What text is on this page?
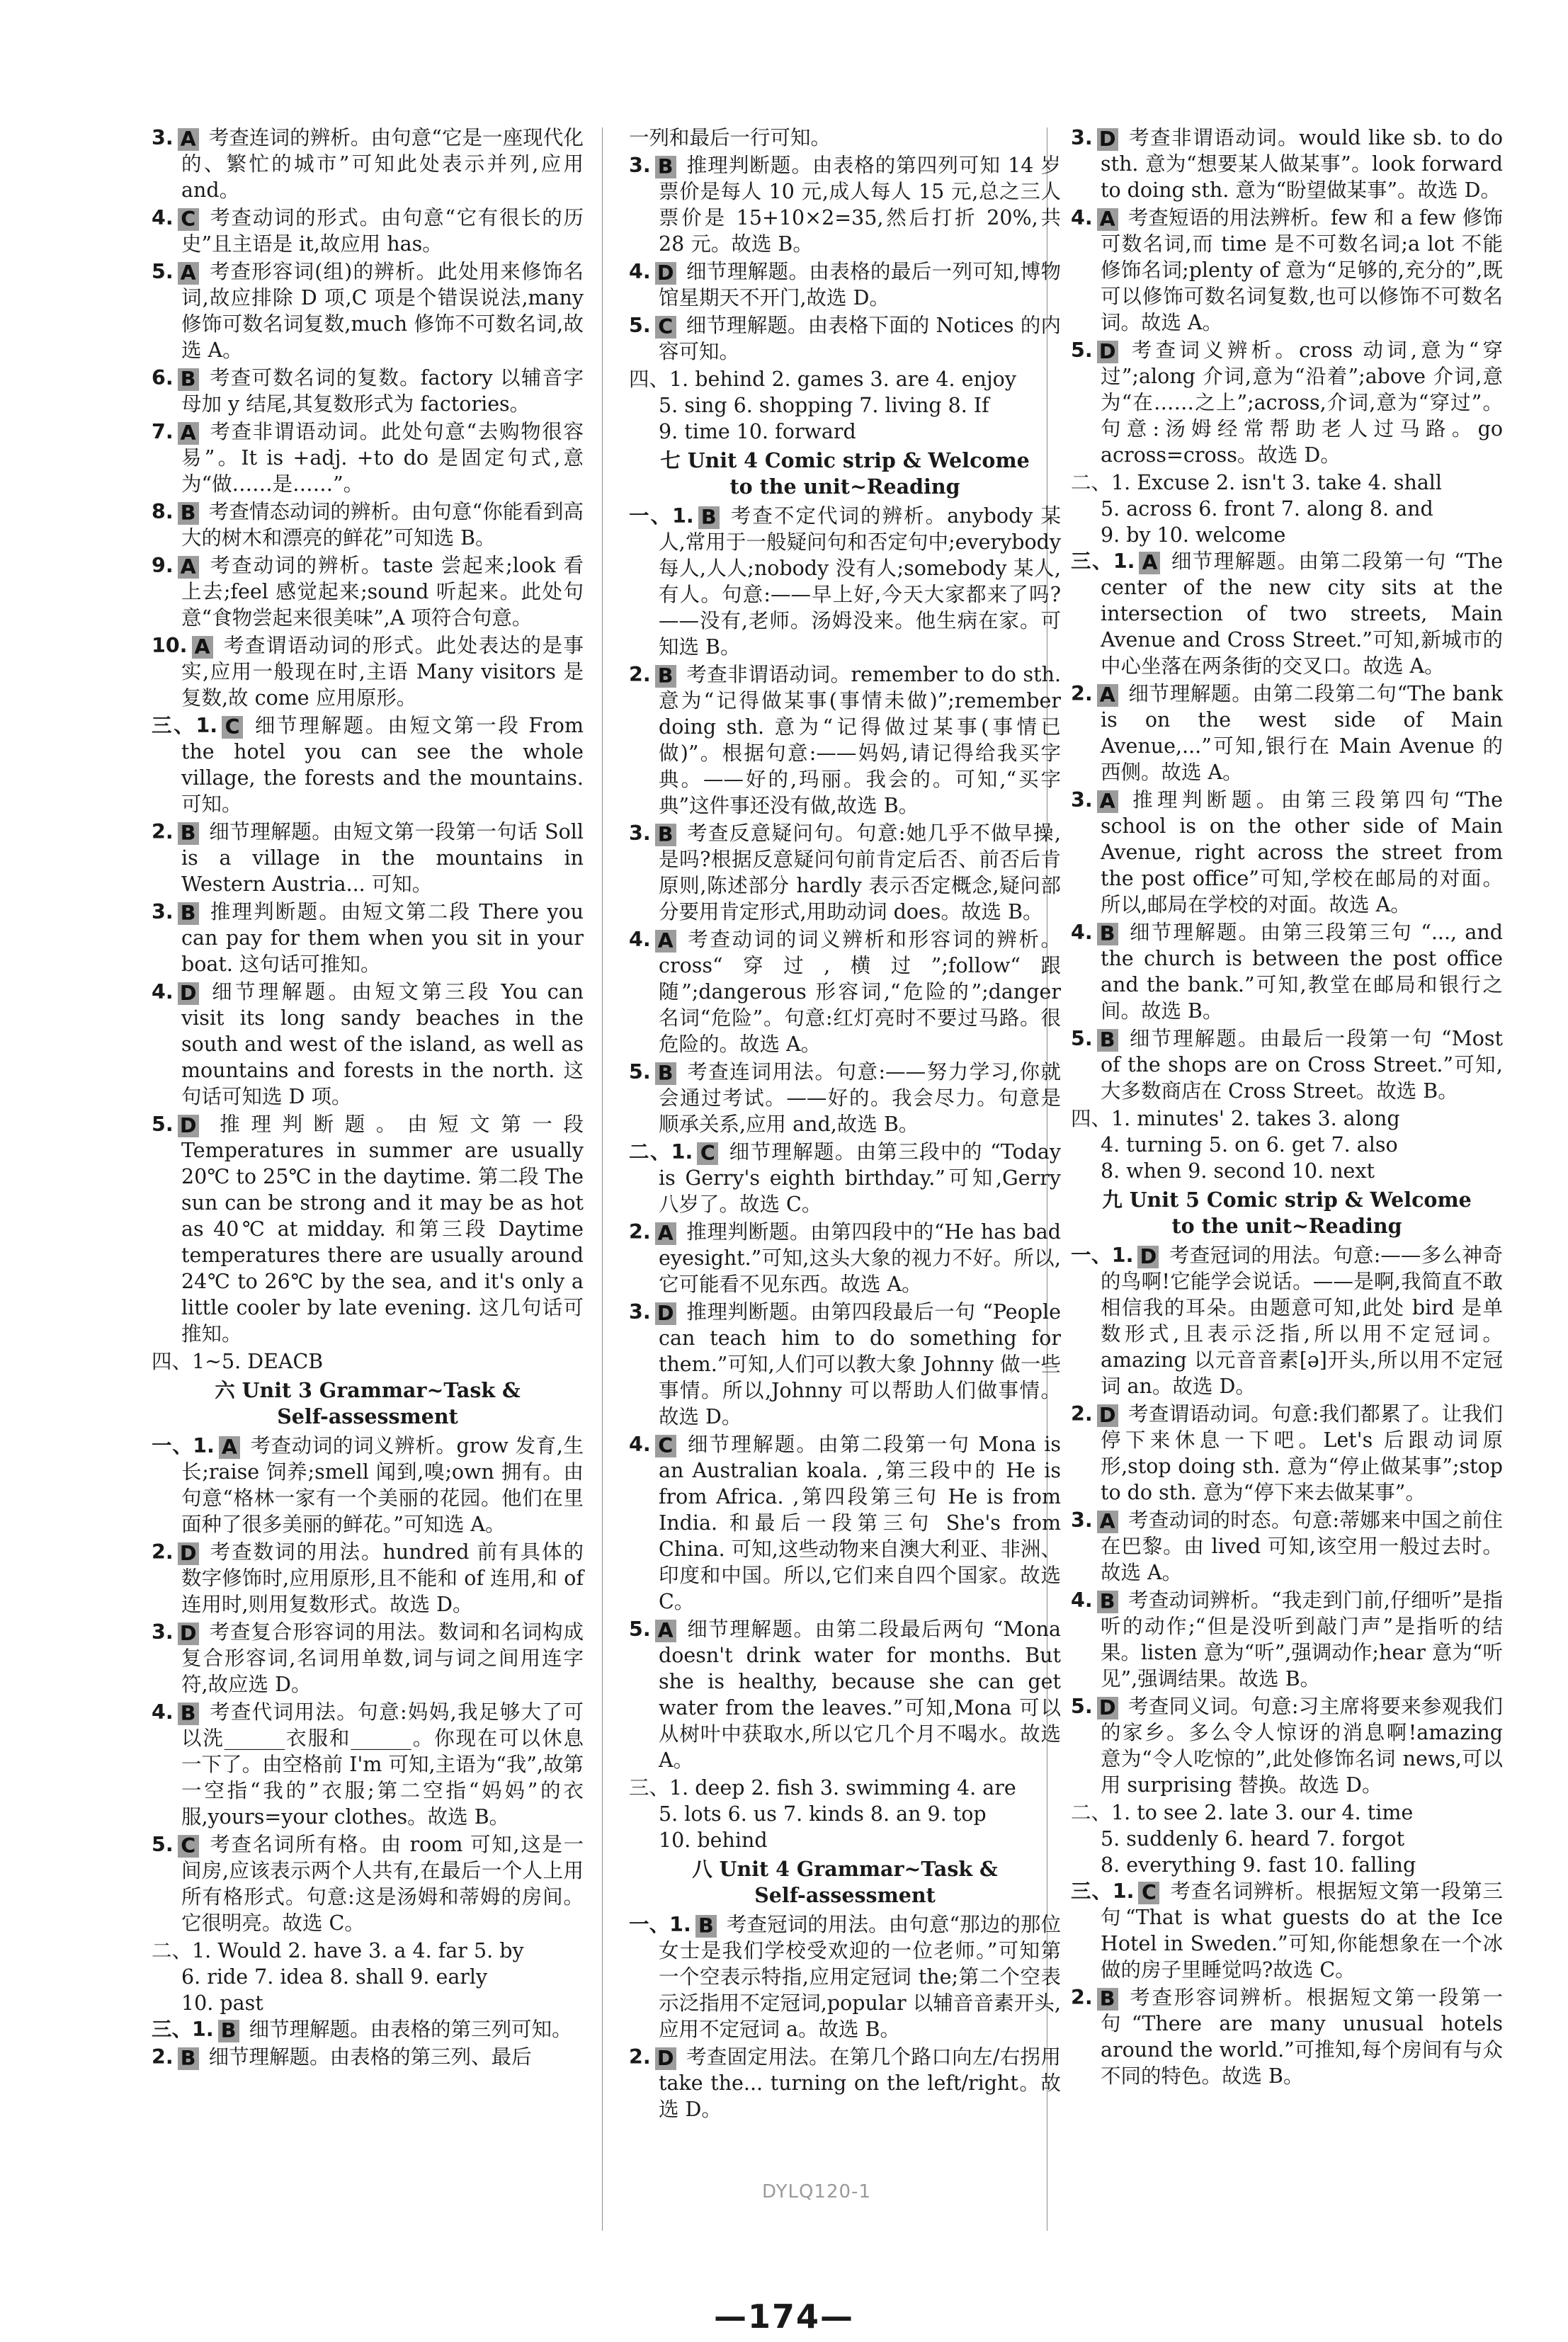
3. A 考查连词的辨析。由句意“它是一座现代化的、繁忙的城市”可知此处表示并列,应用 and。
4. C 考查动词的形式。由句意“它有很长的历史”且主语是 it,故应用 has。
5. A 考查形容词(组)的辨析。此处用来修饰名词,故应排除 D 项,C 项是个错误说法,many 修饰可数名词复数,much 修饰不可数名词,故选 A。
6. B 考查可数名词的复数。factory 以辅音字母加 y 结尾,其复数形式为 factories。
7. A 考查非谓语动词。此处句意“去购物很容易”。It is +adj. +to do 是固定句式,意为“做……是……”。
8. B 考查情态动词的辨析。由句意“你能看到高大的树木和漂亮的鲜花”可知选 B。
9. A 考查动词的辨析。taste 尝起来;look 看上去;feel 感觉起来;sound 听起来。此处句意“食物尝起来很美味”,A 项符合句意。
10. A 考查谓语动词的形式。此处表达的是事实,应用一般现在时,主语 Many visitors 是复数,故 come 应用原形。
三、1. C 细节理解题。由短文第一段 From the hotel you can see the whole village, the forests and the mountains. 可知。
2. B 细节理解题。由短文第一段第一句话 Soll is a village in the mountains in Western Austria... 可知。
3. B 推理判断题。由短文第二段 There you can pay for them when you sit in your boat. 这句话可推知。
4. D 细节理解题。由短文第三段 You can visit its long sandy beaches in the south and west of the island, as well as mountains and forests in the north. 这句话可知选 D 项。
5. D 推理判断题。由短文第一段 Temperatures in summer are usually 20℃ to 25℃ in the daytime. 第二段 The sun can be strong and it may be as hot as 40℃ at midday. 和第三段 Daytime temperatures there are usually around 24℃ to 26℃ by the sea, and it's only a little cooler by late evening. 这几句话可推知。
四、1~5. DEACB
六 Unit 3 Grammar~Task &
Self-assessment
一、1. A 考查动词的词义辨析。grow 发育,生长;raise 饲养;smell 闻到,嗅;own 拥有。由句意“格林一家有一个美丽的花园。他们在里面种了很多美丽的鲜花。”可知选 A。
2. D 考查数词的用法。hundred 前有具体的数字修饰时,应用原形,且不能和 of 连用,和 of 连用时,则用复数形式。故选 D。
3. D 考查复合形容词的用法。数词和名词构成复合形容词,名词用单数,词与词之间用连字符,故应选 D。
4. B 考查代词用法。句意:妈妈,我足够大了可以洗______衣服和______。你现在可以休息一下了。由空格前 I'm 可知,主语为“我”,故第一空指“我的”衣服;第二空指“妈妈”的衣服,yours=your clothes。故选 B。
5. C 考查名词所有格。由 room 可知,这是一间房,应该表示两个人共有,在最后一个人上用所有格形式。句意:这是汤姆和蒂姆的房间。它很明亮。故选 C。
二、1. Would 2. have 3. a 4. far 5. by
6. ride 7. idea 8. shall 9. early
10. past
三、1. B 细节理解题。由表格的第三列可知。
2. B 细节理解题。由表格的第三列、最后
一列和最后一行可知。
3. B 推理判断题。由表格的第四列可知 14 岁票价是每人 10 元,成人每人 15 元,总之三人票价是 15+10×2=35,然后打折 20%,共 28 元。故选 B。
4. D 细节理解题。由表格的最后一列可知,博物馆星期天不开门,故选 D。
5. C 细节理解题。由表格下面的 Notices 的内容可知。
四、1. behind 2. games 3. are 4. enjoy
5. sing 6. shopping 7. living 8. If
9. time 10. forward
七 Unit 4 Comic strip & Welcome
to the unit~Reading
一、1. B 考查不定代词的辨析。anybody 某人,常用于一般疑问句和否定句中;everybody 每人,人人;nobody 没有人;somebody 某人,有人。句意:——早上好,今天大家都来了吗?——没有,老师。汤姆没来。他生病在家。可知选 B。
2. B 考查非谓语动词。remember to do sth. 意为“记得做某事(事情未做)”;remember doing sth. 意为“记得做过某事(事情已做)”。根据句意:——妈妈,请记得给我买字典。——好的,玛丽。我会的。可知,“买字典”这件事还没有做,故选 B。
3. B 考查反意疑问句。句意:她几乎不做早操,是吗?根据反意疑问句前肯定后否、前否后肯原则,陈述部分 hardly 表示否定概念,疑问部分要用肯定形式,用助动词 does。故选 B。
4. A 考查动词的词义辨析和形容词的辨析。cross“穿过,横过”;follow“跟随”;dangerous 形容词,“危险的”;danger 名词“危险”。句意:红灯亮时不要过马路。很危险的。故选 A。
5. B 考查连词用法。句意:——努力学习,你就会通过考试。——好的。我会尽力。句意是顺承关系,应用 and,故选 B。
二、1. C 细节理解题。由第三段中的 “Today is Gerry's eighth birthday.”可知,Gerry 八岁了。故选 C。
2. A 推理判断题。由第四段中的“He has bad eyesight.”可知,这头大象的视力不好。所以,它可能看不见东西。故选 A。
3. D 推理判断题。由第四段最后一句 “People can teach him to do something for them.”可知,人们可以教大象 Johnny 做一些事情。所以,Johnny 可以帮助人们做事情。故选 D。
4. C 细节理解题。由第二段第一句 Mona is an Australian koala. ,第三段中的 He is from Africa. ,第四段第三句 He is from India. 和最后一段第三句 She's from China. 可知,这些动物来自澳大利亚、非洲、印度和中国。所以,它们来自四个国家。故选 C。
5. A 细节理解题。由第二段最后两句 “Mona doesn't drink water for months. But she is healthy, because she can get water from the leaves.”可知,Mona 可以从树叶中获取水,所以它几个月不喝水。故选 A。
三、1. deep 2. fish 3. swimming 4. are
5. lots 6. us 7. kinds 8. an 9. top
10. behind
八 Unit 4 Grammar~Task &
Self-assessment
一、1. B 考查冠词的用法。由句意“那边的那位女士是我们学校受欢迎的一位老师。”可知第一个空表示特指,应用定冠词 the;第二个空表示泛指用不定冠词,popular 以辅音音素开头,应用不定冠词 a。故选 B。
2. D 考查固定用法。在第几个路口向左/右拐用 take the... turning on the left/right。故选 D。
3. D 考查非谓语动词。would like sb. to do sth. 意为“想要某人做某事”。look forward to doing sth. 意为“盼望做某事”。故选 D。
4. A 考查短语的用法辨析。few 和 a few 修饰可数名词,而 time 是不可数名词;a lot 不能修饰名词;plenty of 意为“足够的,充分的”,既可以修饰可数名词复数,也可以修饰不可数名词。故选 A。
5. D 考查词义辨析。cross 动词,意为“穿过”;along 介词,意为“沿着”;above 介词,意为“在……之上”;across,介词,意为“穿过”。句意:汤姆经常帮助老人过马路。go across=cross。故选 D。
二、1. Excuse 2. isn't 3. take 4. shall
5. across 6. front 7. along 8. and
9. by 10. welcome
三、1. A 细节理解题。由第二段第一句 “The center of the new city sits at the intersection of two streets, Main Avenue and Cross Street.”可知,新城市的中心坐落在两条街的交叉口。故选 A。
2. A 细节理解题。由第二段第二句“The bank is on the west side of Main Avenue,...”可知,银行在 Main Avenue 的西侧。故选 A。
3. A 推理判断题。由第三段第四句“The school is on the other side of Main Avenue, right across the street from the post office”可知,学校在邮局的对面。所以,邮局在学校的对面。故选 A。
4. B 细节理解题。由第三段第三句 “..., and the church is between the post office and the bank.”可知,教堂在邮局和银行之间。故选 B。
5. B 细节理解题。由最后一段第一句 “Most of the shops are on Cross Street.”可知,大多数商店在 Cross Street。故选 B。
四、1. minutes' 2. takes 3. along
4. turning 5. on 6. get 7. also
8. when 9. second 10. next
九 Unit 5 Comic strip & Welcome
to the unit~Reading
一、1. D 考查冠词的用法。句意:——多么神奇的鸟啊!它能学会说话。——是啊,我简直不敢相信我的耳朵。由题意可知,此处 bird 是单数形式,且表示泛指,所以用不定冠词。amazing 以元音音素[ə]开头,所以用不定冠词 an。故选 D。
2. D 考查谓语动词。句意:我们都累了。让我们停下来休息一下吧。Let's 后跟动词原形,stop doing sth. 意为“停止做某事”;stop to do sth. 意为“停下来去做某事”。
3. A 考查动词的时态。句意:蒂娜来中国之前住在巴黎。由 lived 可知,该空用一般过去时。故选 A。
4. B 考查动词辨析。“我走到门前,仔细听”是指听的动作;“但是没听到敲门声”是指听的结果。listen 意为“听”,强调动作;hear 意为“听见”,强调结果。故选 B。
5. D 考查同义词。句意:习主席将要来参观我们的家乡。多么令人惊讶的消息啊!amazing 意为“令人吃惊的”,此处修饰名词 news,可以用 surprising 替换。故选 D。
二、1. to see 2. late 3. our 4. time
5. suddenly 6. heard 7. forgot
8. everything 9. fast 10. falling
三、1. C 考查名词辨析。根据短文第一段第三句“That is what guests do at the Ice Hotel in Sweden.”可知,你能想象在一个冰做的房子里睡觉吗?故选 C。
2. B 考查形容词辨析。根据短文第一段第一句“There are many unusual hotels around the world.”可推知,每个房间有与众不同的特色。故选 B。
DYLQ120-1
—174—
